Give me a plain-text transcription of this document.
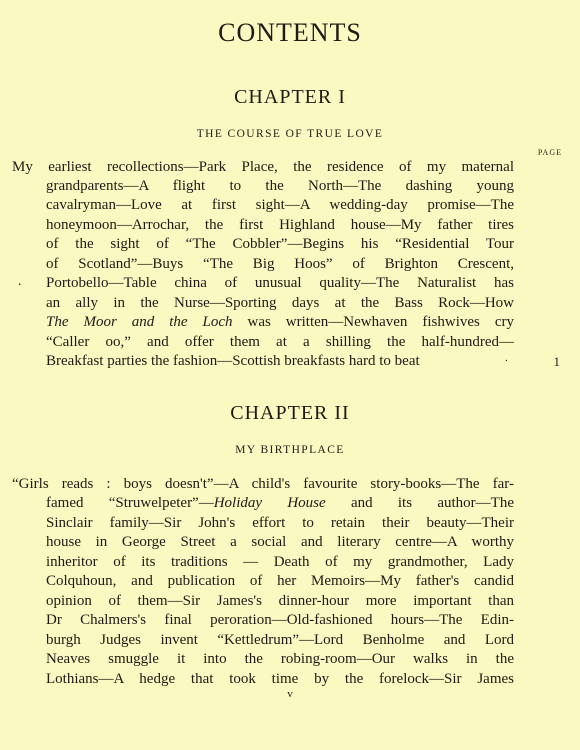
CONTENTS
CHAPTER I
THE COURSE OF TRUE LOVE
PAGE
My earliest recollections—Park Place, the residence of my maternal
grandparents—A flight to the North—The dashing young
cavalryman—Love at first sight—A wedding-day promise—The
honeymoon—Arrochar, the first Highland house—My father tires
of the sight of “The Cobbler”—Begins his “Residential Tour
of Scotland”—Buys “The Big Hoos” of Brighton Crescent,
. Portobello—Table china of unusual quality—The Naturalist has
an ally in the Nurse—Sporting days at the Bass Rock—How
The Moor and the Loch was written—Newhaven fishwives cry
“Caller oo,” and offer them at a shilling the half-hundred—
Breakfast parties the fashion—Scottish breakfasts hard to beat	.	1
CHAPTER II
MY BIRTHPLACE
“Girls reads : boys doesn't”—A child's favourite story-books—The far-
famed “Struwelpeter”—Holiday House and its author—The
Sinclair family—Sir John's effort to retain their beauty—Their
house in George Street a social and literary centre—A worthy
inheritor of its traditions — Death of my grandmother, Lady
Colquhoun, and publication of her Memoirs—My father's candid
opinion of them—Sir James's dinner-hour more important than
Dr Chalmers's final peroration—Old-fashioned hours—The Edin-
burgh Judges invent “Kettledrum”—Lord Benholme and Lord
Neaves smuggle it into the robing-room—Our walks in the
Lothians—A hedge that took time by the forelock—Sir James
v
